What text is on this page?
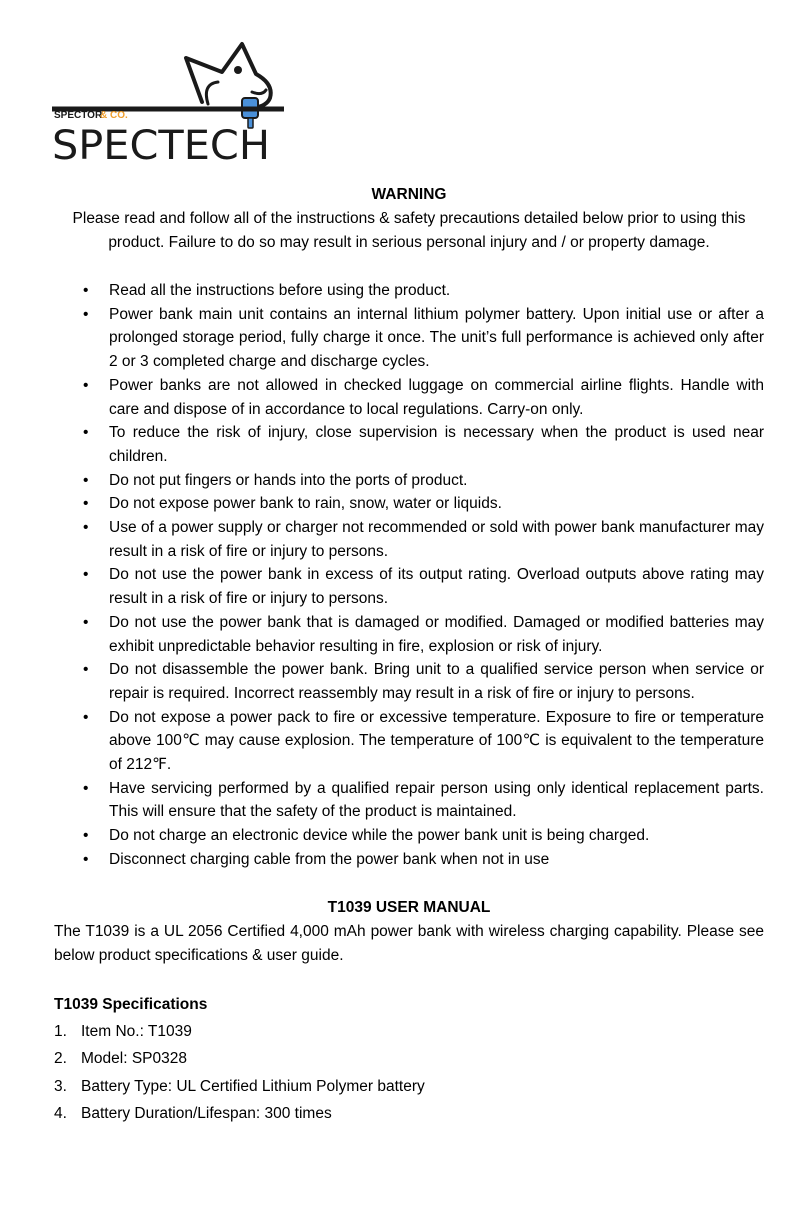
SPECTOR
& CO.
SPECTECH
WARNING

Please read and follow all of the instructions & safety precautions detailed below prior to using this product. Failure to do so may result in serious personal injury and / or property damage.

• Read all the instructions before using the product.
• Power bank main unit contains an internal lithium polymer battery. Upon initial use or after a prolonged storage period, fully charge it once. The unit’s full performance is achieved only after 2 or 3 completed charge and discharge cycles.
• Power banks are not allowed in checked luggage on commercial airline flights. Handle with care and dispose of in accordance to local regulations. Carry-on only.
• To reduce the risk of injury, close supervision is necessary when the product is used near children.
• Do not put fingers or hands into the ports of product.
• Do not expose power bank to rain, snow, water or liquids.
• Use of a power supply or charger not recommended or sold with power bank manufacturer may result in a risk of fire or injury to persons.
• Do not use the power bank in excess of its output rating. Overload outputs above rating may result in a risk of fire or injury to persons.
• Do not use the power bank that is damaged or modified. Damaged or modified batteries may exhibit unpredictable behavior resulting in fire, explosion or risk of injury.
• Do not disassemble the power bank. Bring unit to a qualified service person when service or repair is required. Incorrect reassembly may result in a risk of fire or injury to persons.
• Do not expose a power pack to fire or excessive temperature. Exposure to fire or temperature above 100℃ may cause explosion. The temperature of 100℃ is equivalent to the temperature of 212℉.
• Have servicing performed by a qualified repair person using only identical replacement parts. This will ensure that the safety of the product is maintained.
• Do not charge an electronic device while the power bank unit is being charged.
• Disconnect charging cable from the power bank when not in use
T1039 USER MANUAL

The T1039 is a UL 2056 Certified 4,000 mAh power bank with wireless charging capability. Please see below product specifications & user guide.

T1039 Specifications
1. Item No.: T1039
2. Model: SP0328
3. Battery Type: UL Certified Lithium Polymer battery
4. Battery Duration/Lifespan: 300 times
